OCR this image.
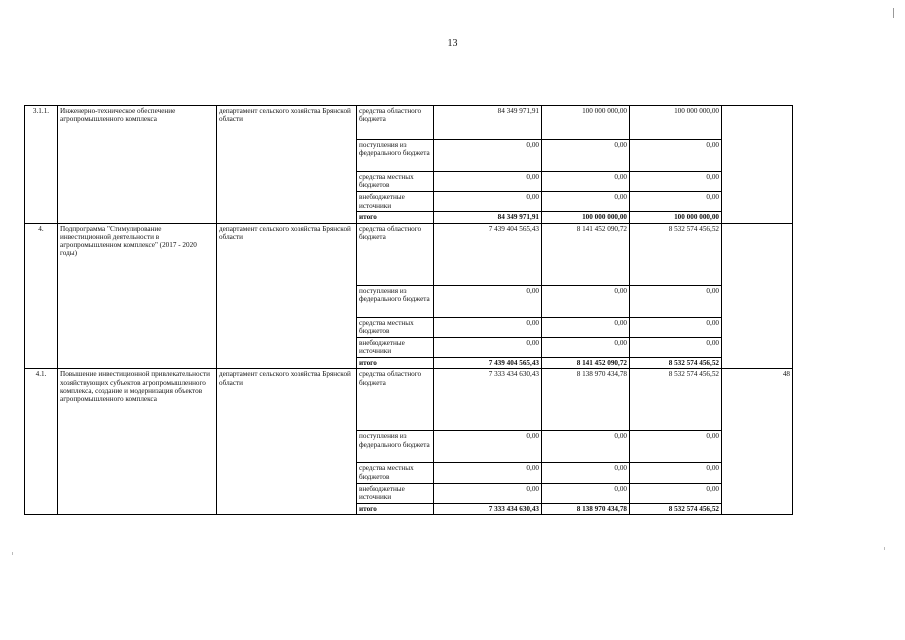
13
3.1.1.	Инженерно-техническое обеспечение агропромышленного комплекса	департамент сельского хозяйства Брянской области	средства областного бюджета	84 349 971,91	100 000 000,00	100 000 000,00	
			поступления из федерального бюджета	0,00	0,00	0,00	
			средства местных бюджетов	0,00	0,00	0,00	
			внебюджетные источники	0,00	0,00	0,00	
			итого	84 349 971,91	100 000 000,00	100 000 000,00	
4.	Подпрограмма "Стимулирование инвестиционной деятельности в агропромышленном комплексе" (2017 - 2020 годы)	департамент сельского хозяйства Брянской области	средства областного бюджета	7 439 404 565,43	8 141 452 090,72	8 532 574 456,52	
			поступления из федерального бюджета	0,00	0,00	0,00	
			средства местных бюджетов	0,00	0,00	0,00	
			внебюджетные источники	0,00	0,00	0,00	
			итого	7 439 404 565,43	8 141 452 090,72	8 532 574 456,52	
4.1.	Повышение инвестиционной привлекательности хозяйствующих субъектов агропромышленного комплекса, создание и модернизация объектов агропромышленного комплекса	департамент сельского хозяйства Брянской области	средства областного бюджета	7 333 434 630,43	8 138 970 434,78	8 532 574 456,52	48
			поступления из федерального бюджета	0,00	0,00	0,00	
			средства местных бюджетов	0,00	0,00	0,00	
			внебюджетные источники	0,00	0,00	0,00	
			итого	7 333 434 630,43	8 138 970 434,78	8 532 574 456,52	
